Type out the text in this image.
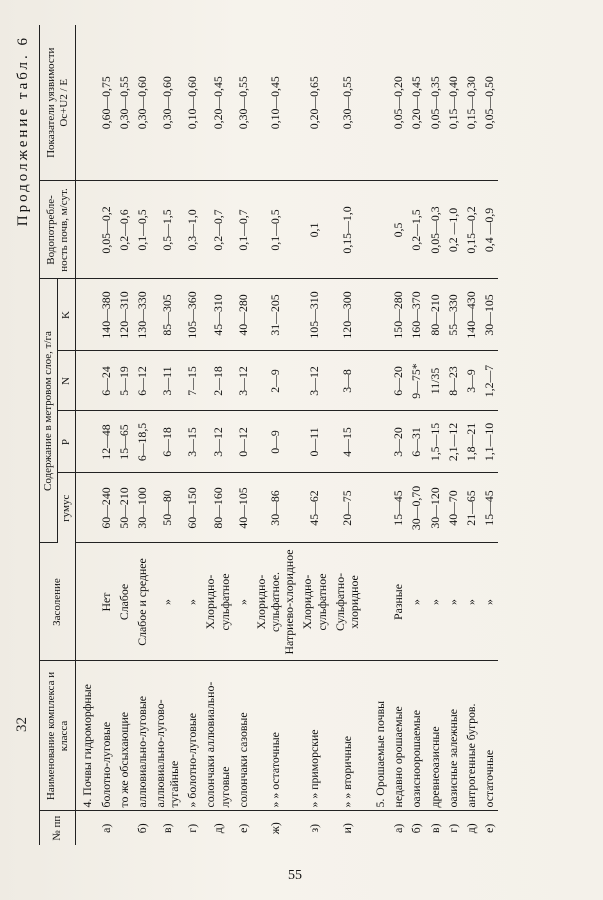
32
Продолжение табл. 6
№ пп	Наименование комплекса и класса	Засоление	Содержание в метровом слое, т/га				Водопотребле-ность почв, м/сут.	Показатели уязвимости Oc+U2 / E

			гумус	P	N	K		
	4. Почвы гидроморфные							
а)	болотно-луговые	Нет	60—240	12—48	6—24	140—380	0,05—0,2	0,60—0,75
	то же обсыхающие	Слабое	50—210	15—65	5—19	120—310	0,2—0,6	0,30—0,55
б)	аллювиально-луговые	Слабое и среднее	30—100	6—18,5	6—12	130—330	0,1—0,5	0,30—0,60
в)	аллювиально-лугово-тугайные	»	50—80	6—18	3—11	85—305	0,5—1,5	0,30—0,60
г)	» болотно-луговые	»	60—150	3—15	7—15	105—360	0,3—1,0	0,10—0,60
д)	солончаки аллювиально-луговые	Хлоридно-сульфатное	80—160	3—12	2—18	45—310	0,2—0,7	0,20—0,45
е)	солончаки сазовые	»	40—105	0—12	3—12	40—280	0,1—0,7	0,30—0,55
ж)	» » остаточные	Хлоридно-сульфатное. Натриево-хлоридное	30—86	0—9	2—9	31—205	0,1—0,5	0,10—0,45
з)	» » приморские	Хлоридно-сульфатное	45—62	0—11	3—12	105—310	0,1	0,20—0,65
и)	» » вторичные	Сульфатно-хлоридное	20—75	4—15	3—8	120—300	0,15—1,0	0,30—0,55
	5. Орошаемые почвы							
а)	недавно орошаемые	Разные	15—45	3—20	6—20	150—280	0,5	0,05—0,20
б)	оазисноорошаемые	»	30—0,70	6—31	9—75*	160—370	0,2—1,5	0,20—0,45
в)	древнеоазисные	»	30—120	1,5—15	11/35	80—210	0,05—0,3	0,05—0,35
г)	оазисные залежные	»	40—70	2,1—12	8—23	55—330	0,2 —1,0	0,15—0,40
д)	антрогенные бугров.	»	21—65	1,8—21	3—9	140—430	0,15—0,2	0,15—0,30
е)	остаточные	»	15—45	1,1—10	1,2—7	30—105	0,4 —0,9	0,05—0,50
55
